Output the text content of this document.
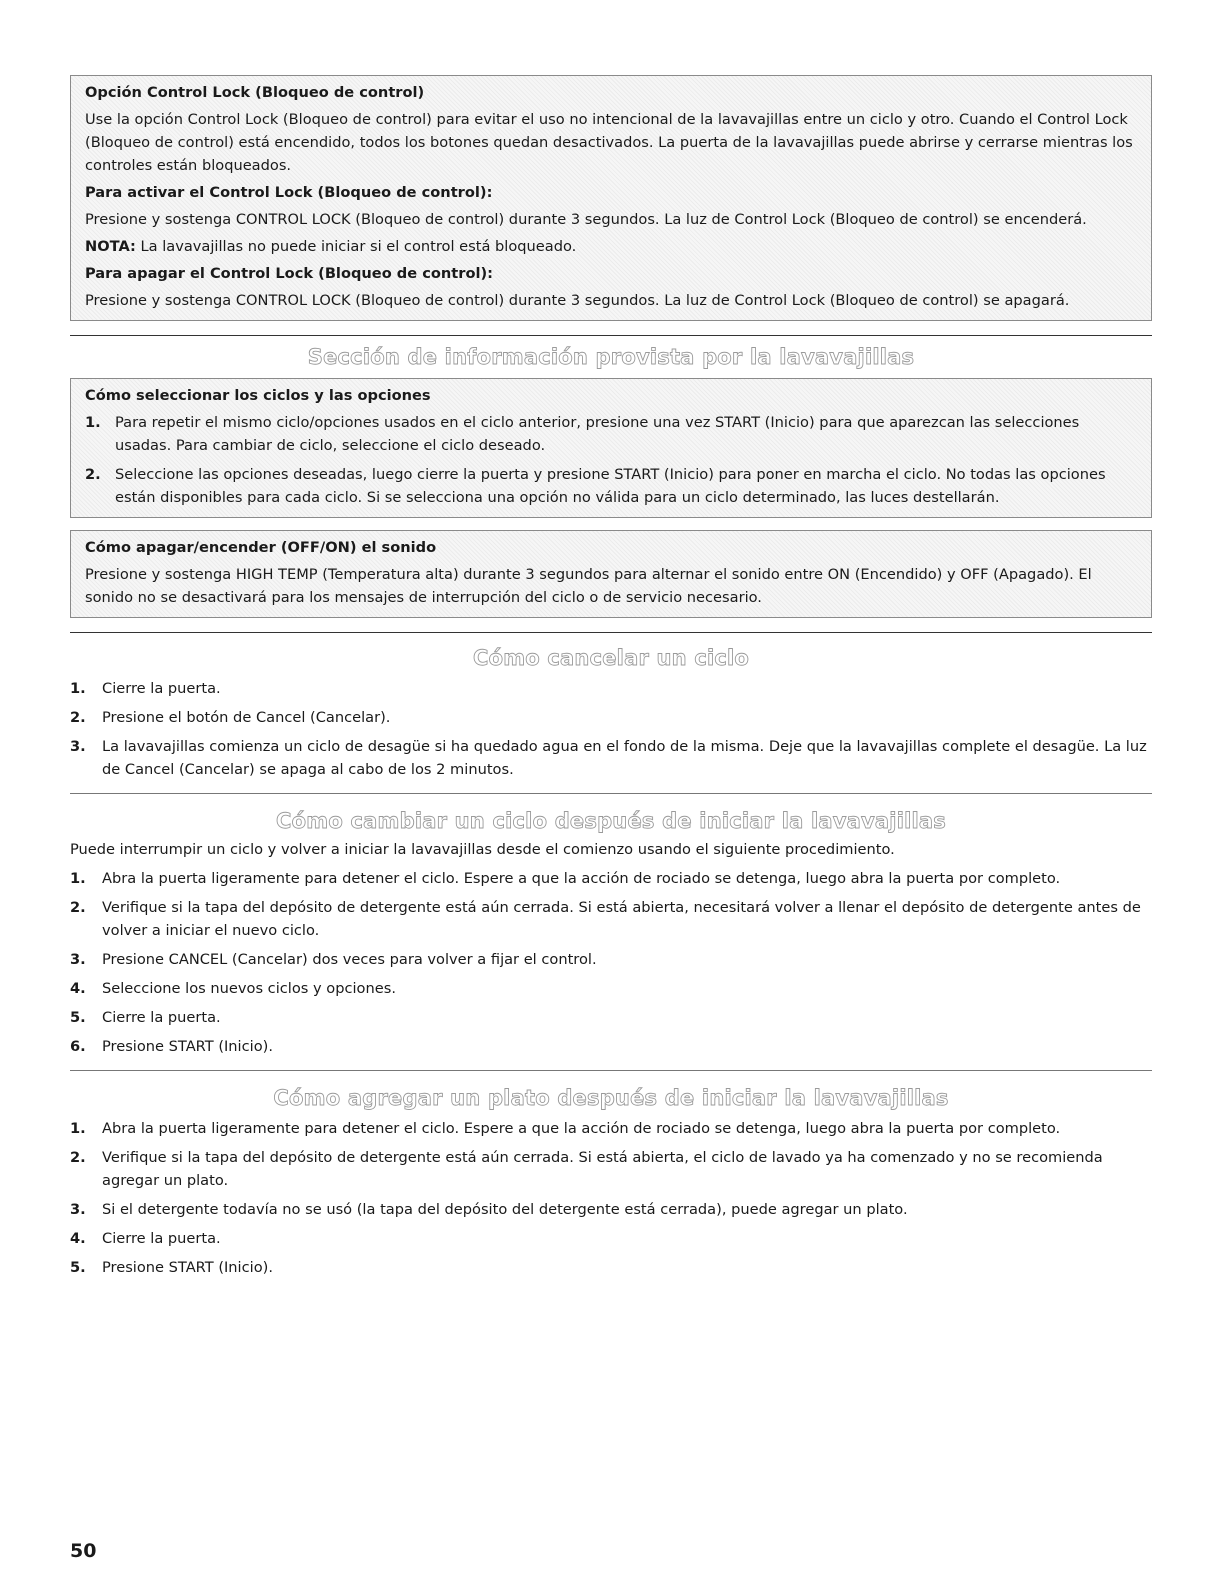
Opción Control Lock (Bloqueo de control)

Use la opción Control Lock (Bloqueo de control) para evitar el uso no intencional de la lavavajillas entre un ciclo y otro. Cuando el Control Lock (Bloqueo de control) está encendido, todos los botones quedan desactivados. La puerta de la lavavajillas puede abrirse y cerrarse mientras los controles están bloqueados.

Para activar el Control Lock (Bloqueo de control):

Presione y sostenga CONTROL LOCK (Bloqueo de control) durante 3 segundos. La luz de Control Lock (Bloqueo de control) se encenderá.

NOTA: La lavavajillas no puede iniciar si el control está bloqueado.

Para apagar el Control Lock (Bloqueo de control):

Presione y sostenga CONTROL LOCK (Bloqueo de control) durante 3 segundos. La luz de Control Lock (Bloqueo de control) se apagará.

Sección de información provista por la lavavajillas
Cómo seleccionar los ciclos y las opciones
1. Para repetir el mismo ciclo/opciones usados en el ciclo anterior, presione una vez START (Inicio) para que aparezcan las selecciones usadas. Para cambiar de ciclo, seleccione el ciclo deseado.
2. Seleccione las opciones deseadas, luego cierre la puerta y presione START (Inicio) para poner en marcha el ciclo. No todas las opciones están disponibles para cada ciclo. Si se selecciona una opción no válida para un ciclo determinado, las luces destellarán.
Cómo apagar/encender (OFF/ON) el sonido

Presione y sostenga HIGH TEMP (Temperatura alta) durante 3 segundos para alternar el sonido entre ON (Encendido) y OFF (Apagado). El sonido no se desactivará para los mensajes de interrupción del ciclo o de servicio necesario.

Cómo cancelar un ciclo
1. Cierre la puerta.
2. Presione el botón de Cancel (Cancelar).
3. La lavavajillas comienza un ciclo de desagüe si ha quedado agua en el fondo de la misma. Deje que la lavavajillas complete el desagüe. La luz de Cancel (Cancelar) se apaga al cabo de los 2 minutos.
Cómo cambiar un ciclo después de iniciar la lavavajillas

Puede interrumpir un ciclo y volver a iniciar la lavavajillas desde el comienzo usando el siguiente procedimiento.

1. Abra la puerta ligeramente para detener el ciclo. Espere a que la acción de rociado se detenga, luego abra la puerta por completo.
2. Verifique si la tapa del depósito de detergente está aún cerrada. Si está abierta, necesitará volver a llenar el depósito de detergente antes de volver a iniciar el nuevo ciclo.
3. Presione CANCEL (Cancelar) dos veces para volver a fijar el control.
4. Seleccione los nuevos ciclos y opciones.
5. Cierre la puerta.
6. Presione START (Inicio).
Cómo agregar un plato después de iniciar la lavavajillas
1. Abra la puerta ligeramente para detener el ciclo. Espere a que la acción de rociado se detenga, luego abra la puerta por completo.
2. Verifique si la tapa del depósito de detergente está aún cerrada. Si está abierta, el ciclo de lavado ya ha comenzado y no se recomienda agregar un plato.
3. Si el detergente todavía no se usó (la tapa del depósito del detergente está cerrada), puede agregar un plato.
4. Cierre la puerta.
5. Presione START (Inicio).
50
